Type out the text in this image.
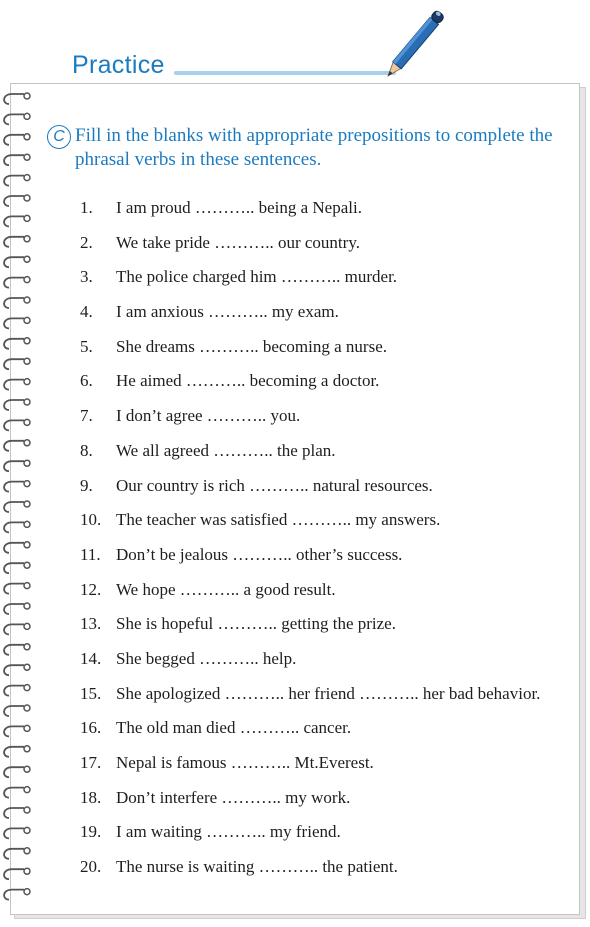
Practice
C Fill in the blanks with appropriate prepositions to complete the phrasal verbs in these sentences.
1.	I am proud ……….. being a Nepali.
2.	We take pride ……….. our country.
3.	The police charged him ……….. murder.
4.	I am anxious ……….. my exam.
5.	She dreams ……….. becoming a nurse.
6.	He aimed ……….. becoming a doctor.
7.	I don’t agree ……….. you.
8.	We all agreed ……….. the plan.
9.	Our country is rich ……….. natural resources.
10. The teacher was satisfied ……….. my answers.
11. Don’t be jealous ……….. other’s success.
12. We hope ……….. a good result.
13. She is hopeful ……….. getting the prize.
14. She begged ……….. help.
15. She apologized ……….. her friend ……….. her bad behavior.
16. The old man died ……….. cancer.
17. Nepal is famous ……….. Mt.Everest.
18. Don’t interfere ……….. my work.
19. I am waiting ……….. my friend.
20. The nurse is waiting ……….. the patient.
